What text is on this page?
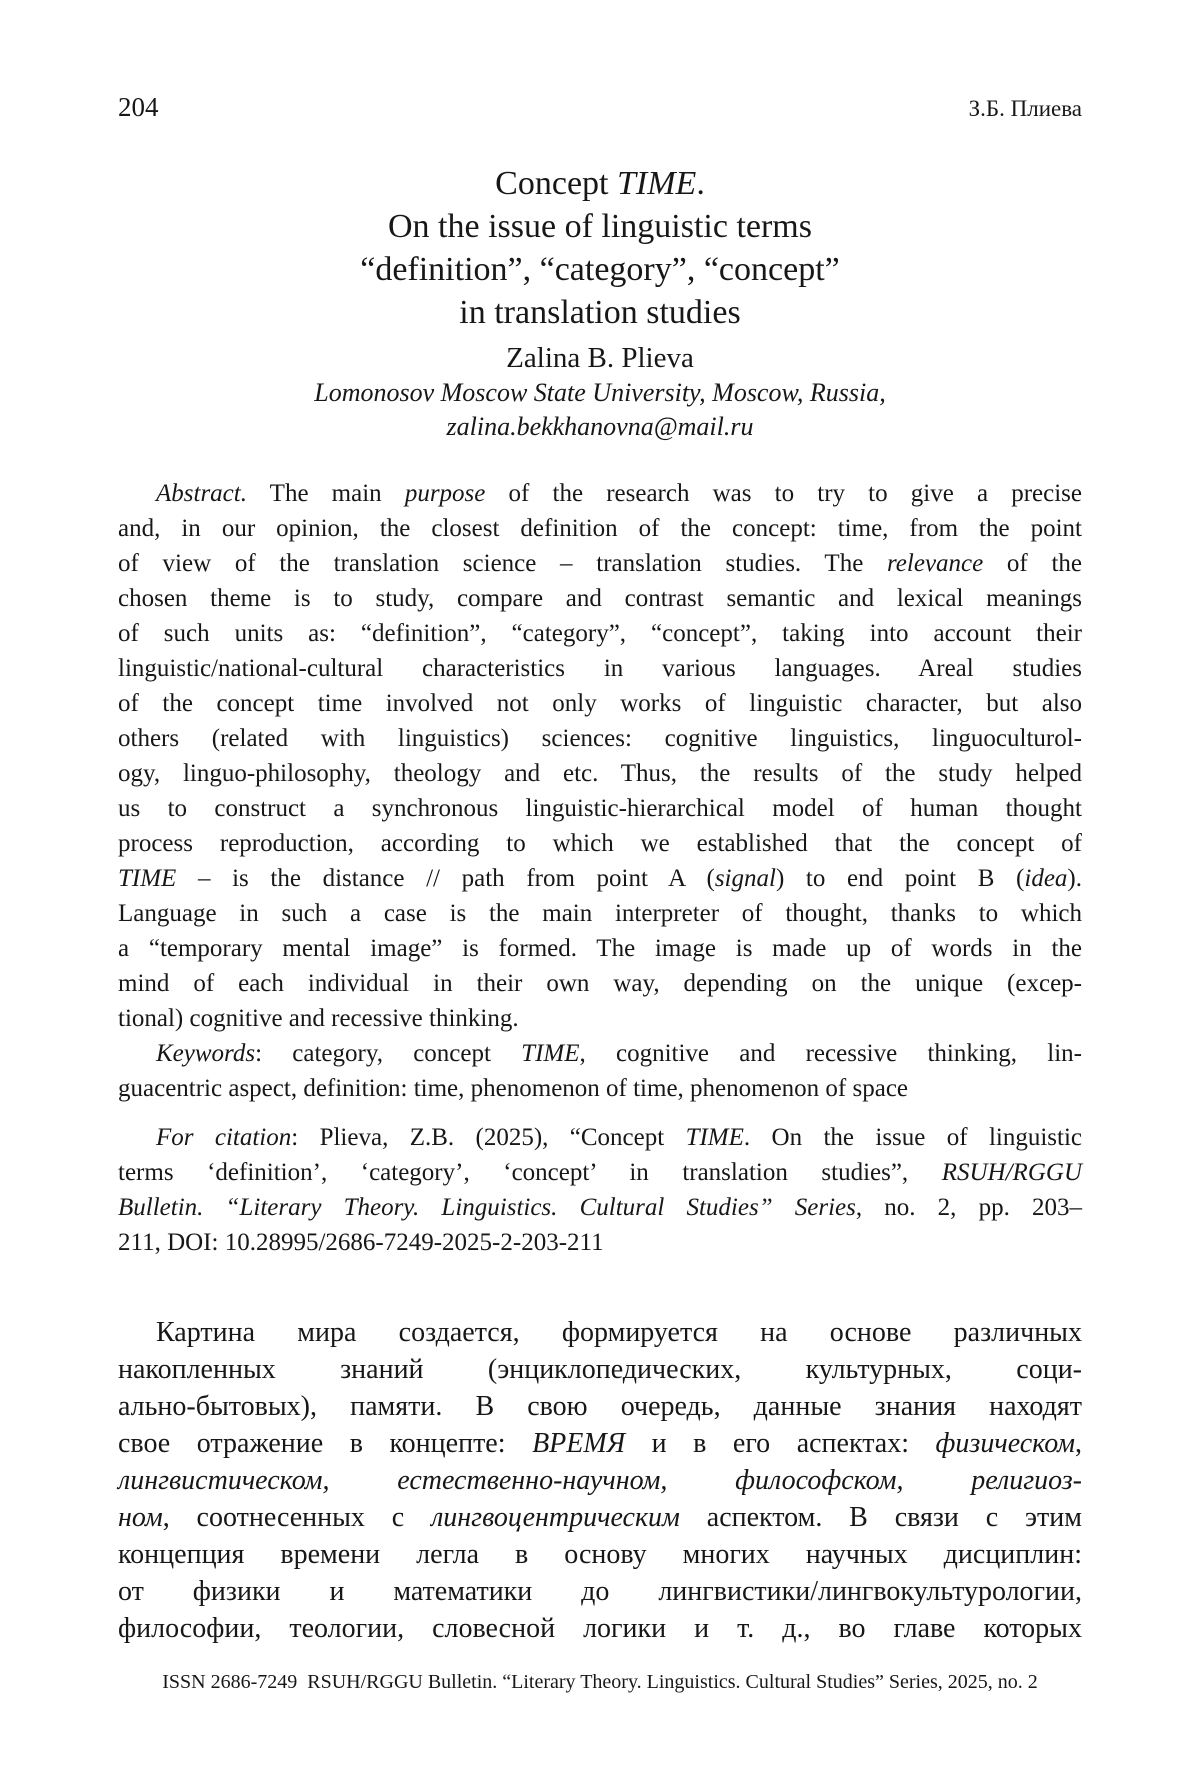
204	З.Б. Плиева
Concept TIME.
On the issue of linguistic terms
“definition”, “category”, “concept”
in translation studies
Zalina B. Plieva
Lomonosov Moscow State University, Moscow, Russia,
zalina.bekkhanovna@mail.ru
Abstract. The main purpose of the research was to try to give a precise
and, in our opinion, the closest definition of the concept: time, from the point
of view of the translation science – translation studies. The relevance of the
chosen theme is to study, compare and contrast semantic and lexical meanings
of such units as: “definition”, “category”, “concept”, taking into account their
linguistic/national-cultural characteristics in various languages. Areal studies
of the concept time involved not only works of linguistic character, but also
others (related with linguistics) sciences: cognitive linguistics, linguoculturol-
ogy, linguo-philosophy, theology and etc. Thus, the results of the study helped
us to construct a synchronous linguistic-hierarchical model of human thought
process reproduction, according to which we established that the concept of
TIME – is the distance // path from point A (signal) to end point B (idea).
Language in such a case is the main interpreter of thought, thanks to which
a “temporary mental image” is formed. The image is made up of words in the
mind of each individual in their own way, depending on the unique (excep-
tional) cognitive and recessive thinking.
Keywords: category, concept TIME, cognitive and recessive thinking, lin-
guacentric aspect, definition: time, phenomenon of time, phenomenon of space
For citation: Plieva, Z.B. (2025), “Concept TIME. On the issue of linguistic
terms ‘definition’, ‘category’, ‘concept’ in translation studies”, RSUH/RGGU
Bulletin. “Literary Theory. Linguistics. Cultural Studies” Series, no. 2, pp. 203–
211, DOI: 10.28995/2686-7249-2025-2-203-211
Картина мира создается, формируется на основе различных
накопленных знаний (энциклопедических, культурных, соци-
ально-бытовых), памяти. В свою очередь, данные знания находят
свое отражение в концепте: ВРЕМЯ и в его аспектах: физическом,
лингвистическом, естественно-научном, философском, религиоз-
ном, соотнесенных с лингвоцентрическим аспектом. В связи с этим
концепция времени легла в основу многих научных дисциплин:
от физики и математики до лингвистики/лингвокультурологии,
философии, теологии, словесной логики и т. д., во главе которых
ISSN 2686-7249  RSUH/RGGU Bulletin. “Literary Theory. Linguistics. Cultural Studies” Series, 2025, no. 2
